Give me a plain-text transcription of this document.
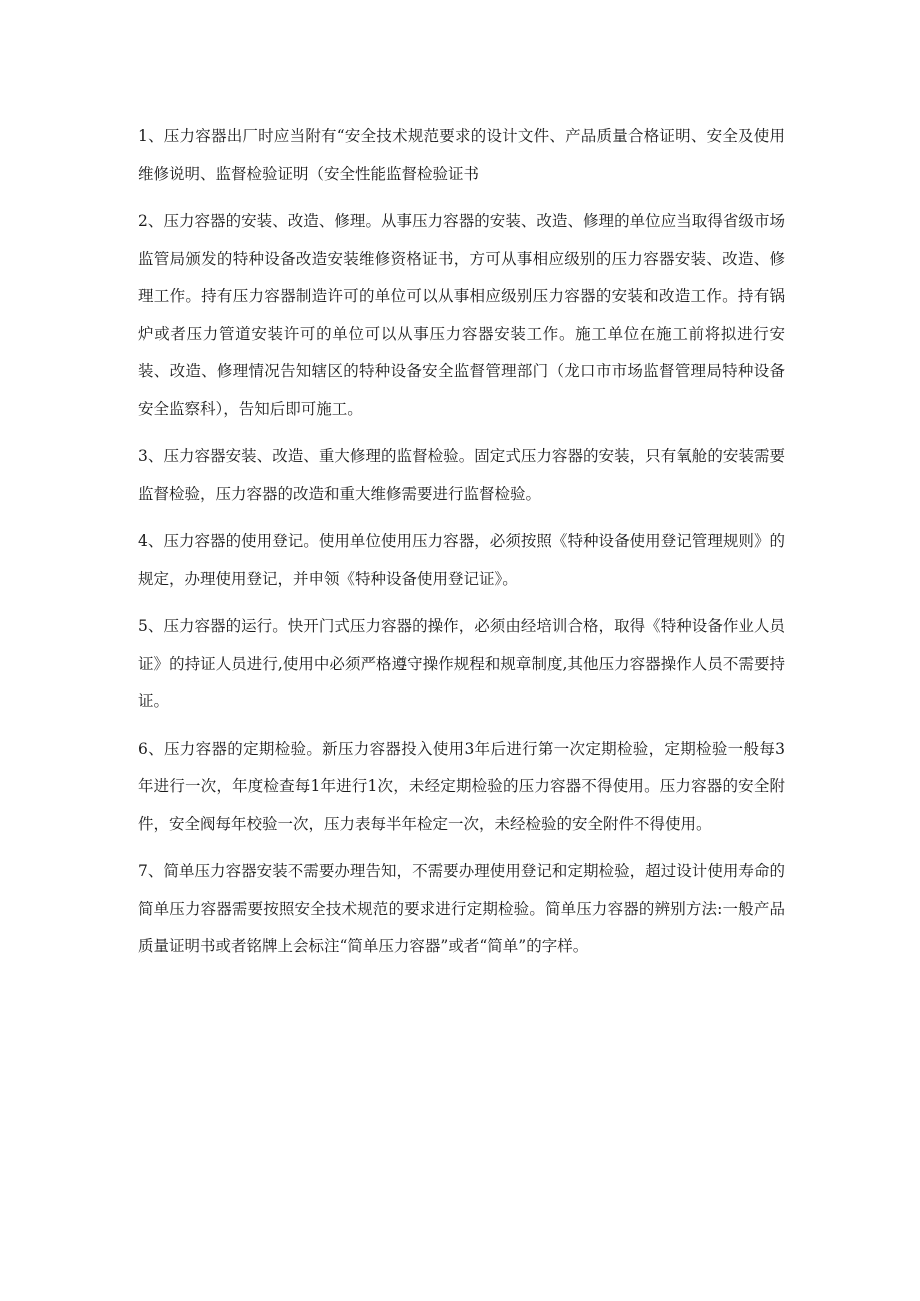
1、压力容器出厂时应当附有“安全技术规范要求的设计文件、产品质量合格证明、安全及使用维修说明、监督检验证明（安全性能监督检验证书

2、压力容器的安装、改造、修理。从事压力容器的安装、改造、修理的单位应当取得省级市场监管局颁发的特种设备改造安装维修资格证书，方可从事相应级别的压力容器安装、改造、修理工作。持有压力容器制造许可的单位可以从事相应级别压力容器的安装和改造工作。持有锅炉或者压力管道安装许可的单位可以从事压力容器安装工作。施工单位在施工前将拟进行安装、改造、修理情况告知辖区的特种设备安全监督管理部门（龙口市市场监督管理局特种设备安全监察科），告知后即可施工。

3、压力容器安装、改造、重大修理的监督检验。固定式压力容器的安装，只有氧舱的安装需要监督检验，压力容器的改造和重大维修需要进行监督检验。

4、压力容器的使用登记。使用单位使用压力容器，必须按照《特种设备使用登记管理规则》的规定，办理使用登记，并申领《特种设备使用登记证》。

5、压力容器的运行。快开门式压力容器的操作，必须由经培训合格，取得《特种设备作业人员证》的持证人员进行,使用中必须严格遵守操作规程和规章制度,其他压力容器操作人员不需要持证。

6、压力容器的定期检验。新压力容器投入使用3年后进行第一次定期检验，定期检验一般每3年进行一次，年度检查每1年进行1次，未经定期检验的压力容器不得使用。压力容器的安全附件，安全阀每年校验一次，压力表每半年检定一次，未经检验的安全附件不得使用。

7、简单压力容器安装不需要办理告知，不需要办理使用登记和定期检验，超过设计使用寿命的简单压力容器需要按照安全技术规范的要求进行定期检验。简单压力容器的辨别方法:一般产品质量证明书或者铭牌上会标注“简单压力容器”或者“简单”的字样。
